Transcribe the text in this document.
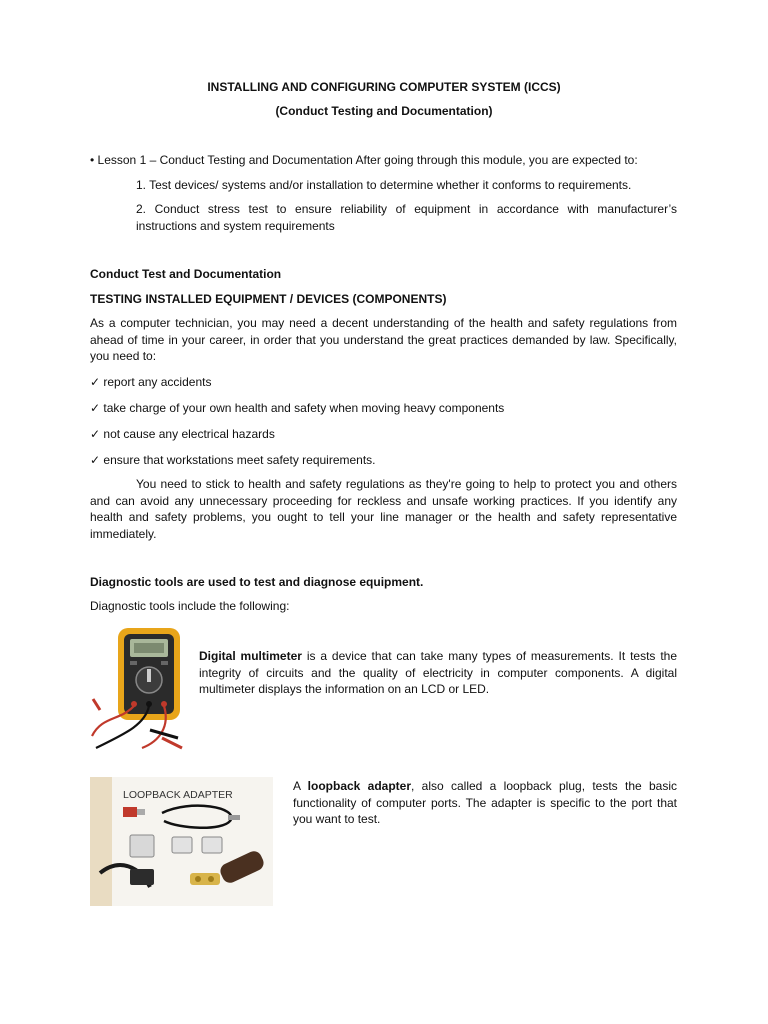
INSTALLING AND CONFIGURING COMPUTER SYSTEM (ICCS)
(Conduct Testing and Documentation)
• Lesson 1 – Conduct Testing and Documentation After going through this module, you are expected to:
1. Test devices/ systems and/or installation to determine whether it conforms to requirements.
2. Conduct stress test to ensure reliability of equipment in accordance with manufacturer’s instructions and system requirements
Conduct Test and Documentation
TESTING INSTALLED EQUIPMENT / DEVICES (COMPONENTS)
As a computer technician, you may need a decent understanding of the health and safety regulations from ahead of time in your career, in order that you understand the great practices demanded by law. Specifically, you need to:
✓ report any accidents
✓ take charge of your own health and safety when moving heavy components
✓ not cause any electrical hazards
✓ ensure that workstations meet safety requirements.
You need to stick to health and safety regulations as they're going to help to protect you and others and can avoid any unnecessary proceeding for reckless and unsafe working practices. If you identify any health and safety problems, you ought to tell your line manager or the health and safety representative immediately.
Diagnostic tools are used to test and diagnose equipment.
Diagnostic tools include the following:
Digital multimeter is a device that can take many types of measurements. It tests the integrity of circuits and the quality of electricity in computer components. A digital multimeter displays the information on an LCD or LED.
LOOPBACK ADAPTER
A loopback adapter, also called a loopback plug, tests the basic functionality of computer ports. The adapter is specific to the port that you want to test.
